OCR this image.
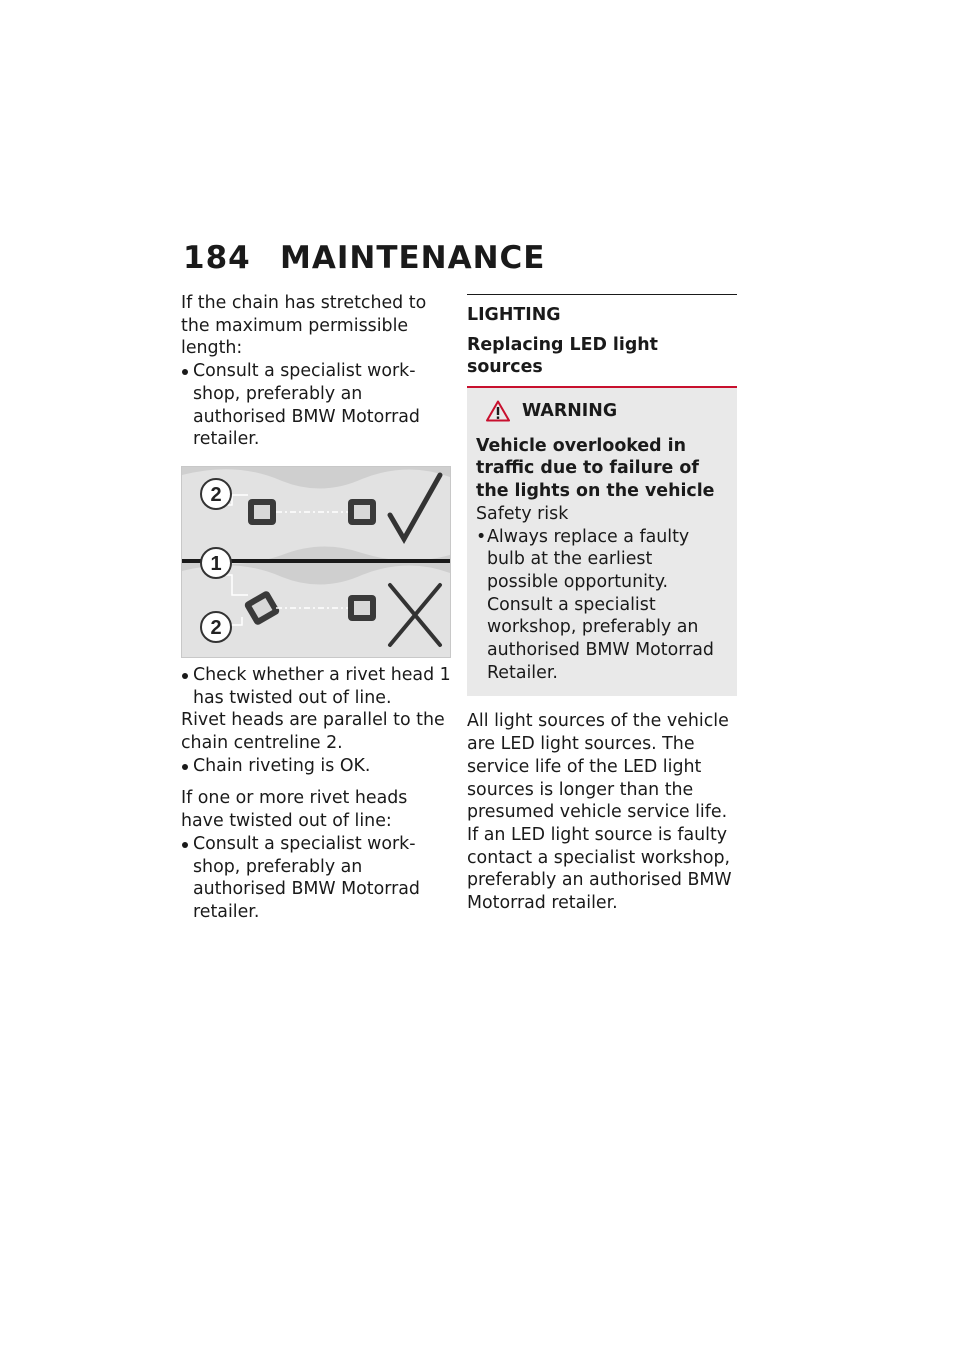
184 MAINTENANCE

If the chain has stretched to the maximum permissible length:

Consult a specialist workshop, preferably an authorised BMW Motorrad retailer.
2
1
2
Check whether a rivet head 1 has twisted out of line.

Rivet heads are parallel to the chain centreline 2.

Chain riveting is OK.

If one or more rivet heads have twisted out of line:

Consult a specialist workshop, preferably an authorised BMW Motorrad retailer.
LIGHTING
Replacing LED light sources
WARNING

Vehicle overlooked in traffic due to failure of the lights on the vehicle

Safety risk

• Always replace a faulty bulb at the earliest possible opportunity. Consult a specialist workshop, preferably an authorised BMW Motorrad Retailer.

All light sources of the vehicle are LED light sources. The service life of the LED light sources is longer than the presumed vehicle service life. If an LED light source is faulty contact a specialist workshop, preferably an authorised BMW Motorrad retailer.
